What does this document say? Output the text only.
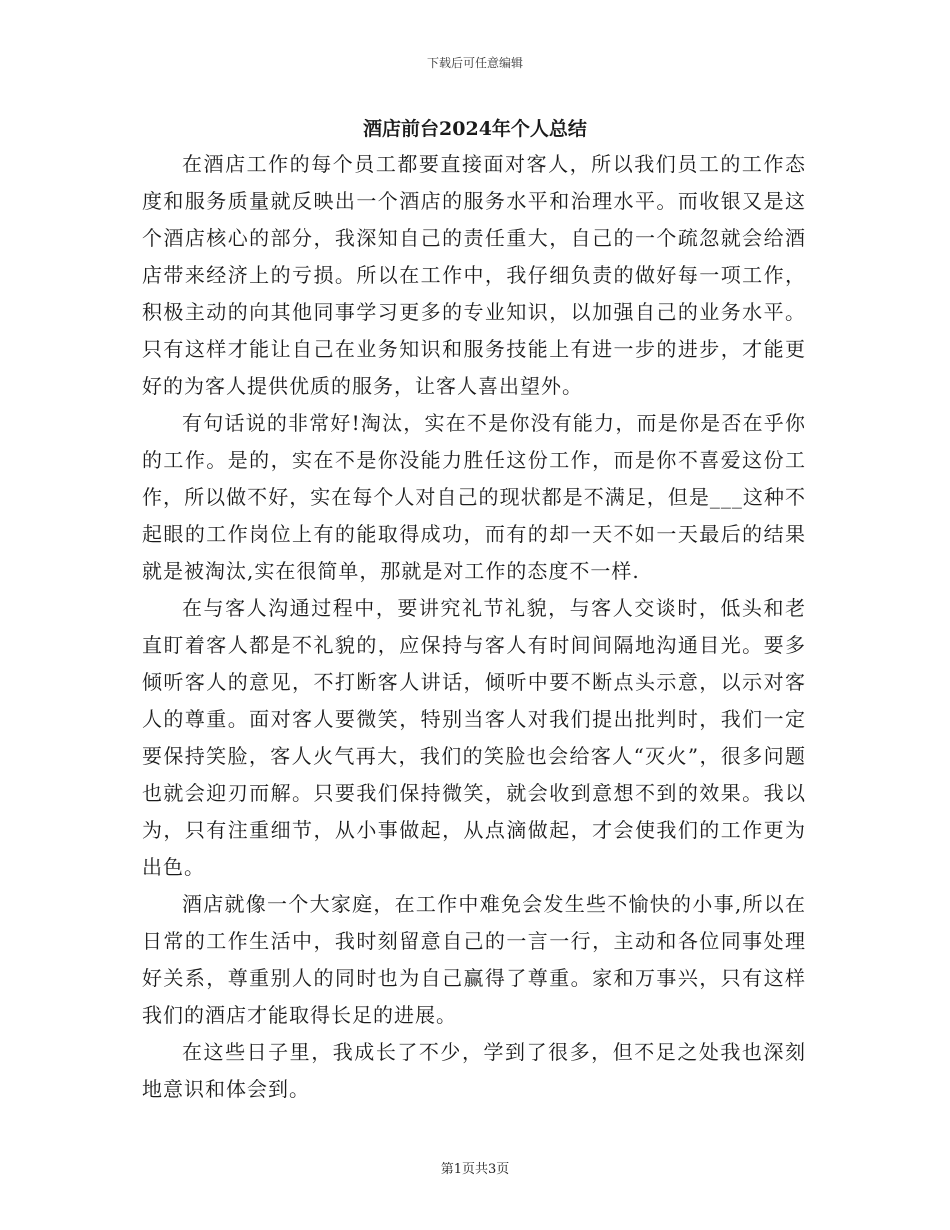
下载后可任意编辑
酒店前台2024年个人总结

在酒店工作的每个员工都要直接面对客人，所以我们员工的工作态度和服务质量就反映出一个酒店的服务水平和治理水平。而收银又是这个酒店核心的部分，我深知自己的责任重大，自己的一个疏忽就会给酒店带来经济上的亏损。所以在工作中，我仔细负责的做好每一项工作，积极主动的向其他同事学习更多的专业知识，以加强自己的业务水平。只有这样才能让自己在业务知识和服务技能上有进一步的进步，才能更好的为客人提供优质的服务，让客人喜出望外。

有句话说的非常好!淘汰，实在不是你没有能力，而是你是否在乎你的工作。是的，实在不是你没能力胜任这份工作，而是你不喜爱这份工作，所以做不好，实在每个人对自己的现状都是不满足，但是___这种不起眼的工作岗位上有的能取得成功，而有的却一天不如一天最后的结果就是被淘汰,实在很简单，那就是对工作的态度不一样.

在与客人沟通过程中，要讲究礼节礼貌，与客人交谈时，低头和老直盯着客人都是不礼貌的，应保持与客人有时间间隔地沟通目光。要多倾听客人的意见，不打断客人讲话，倾听中要不断点头示意，以示对客人的尊重。面对客人要微笑，特别当客人对我们提出批判时，我们一定要保持笑脸，客人火气再大，我们的笑脸也会给客人“灭火”，很多问题也就会迎刃而解。只要我们保持微笑，就会收到意想不到的效果。我以为，只有注重细节，从小事做起，从点滴做起，才会使我们的工作更为出色。

酒店就像一个大家庭，在工作中难免会发生些不愉快的小事,所以在日常的工作生活中，我时刻留意自己的一言一行，主动和各位同事处理好关系，尊重别人的同时也为自己赢得了尊重。家和万事兴，只有这样我们的酒店才能取得长足的进展。

在这些日子里，我成长了不少，学到了很多，但不足之处我也深刻地意识和体会到。

第1页共3页
